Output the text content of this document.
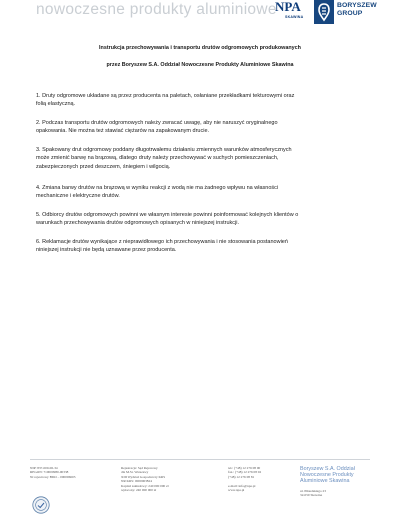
nowoczesne produkty aluminiowe
NPA
SKAWINA
BORYSZEW
GROUP
Instrukcja przechowywania i transportu drutów odgromowych produkowanych
przez Boryszew S.A. Oddział Nowoczesne Produkty Aluminiowe Skawina
1. Druty odgromowe układane są przez producenta na paletach, osłaniane przekładkami tekturowymi oraz
folią elastyczną.
2. Podczas transportu drutów odgromowych należy zwracać uwagę, aby nie naruszyć oryginalnego
opakowania. Nie można też stawiać ciężarów na zapakowanym drucie.
3. Spakowany drut odgromowy poddany długotrwałemu działaniu zmiennych warunków atmosferycznych
może zmienić barwę na brązową, dlatego druty należy przechowywać w suchych pomieszczeniach,
zabezpieczonych przed deszczem, śniegiem i wilgocią.
4. Zmiana barwy drutów na brązową w wyniku reakcji z wodą nie ma żadnego wpływu na własności
mechaniczne i elektryczne drutów.
5. Odbiorcy drutów odgromowych powinni we własnym interesie powinni poinformować kolejnych klientów o
warunkach przechowywania drutów odgromowych opisanych w niniejszej instrukcji.
6. Reklamacje drutów wynikające z nieprawidłowego ich przechowywania i nie stosowania postanowień
niniejszej instrukcji nie będą uznawane przez producenta.
NIP: 837-000-06-34
REGON: 710000980-00338
Nr rejestrowy BDO – 000006603
Rejestracja: Sąd Rejonowy
dla M.St. Warszawy
XIII Wydział Gospodarczy KRS
NR KRS: 0000063824
Kapitał zakładowy: 240 000 000 zł
wpłacony: 240 000 000 zł
tel.: (+48) 12 276 08 00
fax.: (+48) 12 276 08 02
(+48) 12 276 08 81
e-mail: info@npa.pl
www.npa.pl
Boryszew S.A. Oddział
Nowoczesne Produkty
Aluminiowe Skawina
ul. Piłsudskiego 23
32-050 Skawina
